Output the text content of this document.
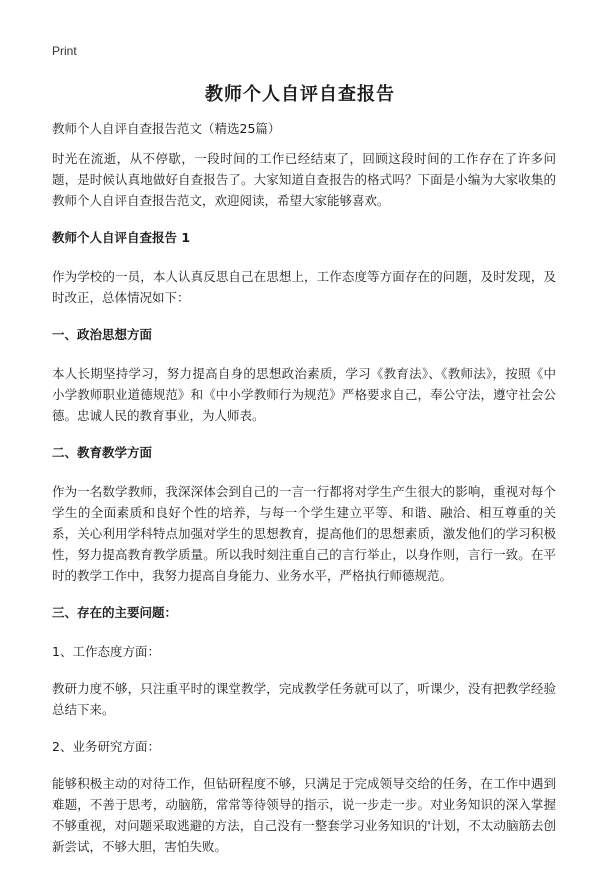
Print
教师个人自评自查报告

教师个人自评自查报告范文（精选25篇）

时光在流逝，从不停歇，一段时间的工作已经结束了，回顾这段时间的工作存在了许多问题，是时候认真地做好自查报告了。大家知道自查报告的格式吗？下面是小编为大家收集的教师个人自评自查报告范文，欢迎阅读，希望大家能够喜欢。

教师个人自评自查报告 1

作为学校的一员，本人认真反思自己在思想上，工作态度等方面存在的问题，及时发现，及时改正，总体情况如下：

一、政治思想方面

本人长期坚持学习，努力提高自身的思想政治素质，学习《教育法》、《教师法》，按照《中小学教师职业道德规范》和《中小学教师行为规范》严格要求自己，奉公守法，遵守社会公德。忠诚人民的教育事业，为人师表。

二、教育教学方面

作为一名数学教师，我深深体会到自己的一言一行都将对学生产生很大的影响，重视对每个学生的全面素质和良好个性的培养，与每一个学生建立平等、和谐、融洽、相互尊重的关系，关心利用学科特点加强对学生的思想教育，提高他们的思想素质，激发他们的学习积极性，努力提高教育教学质量。所以我时刻注重自己的言行举止，以身作则，言行一致。在平时的教学工作中，我努力提高自身能力、业务水平，严格执行师德规范。

三、存在的主要问题：

1、工作态度方面：

教研力度不够，只注重平时的课堂教学，完成教学任务就可以了，听课少，没有把教学经验总结下来。

2、业务研究方面：

能够积极主动的对待工作，但钻研程度不够，只满足于完成领导交给的任务，在工作中遇到难题，不善于思考，动脑筋，常常等待领导的指示，说一步走一步。对业务知识的深入掌握不够重视，对问题采取逃避的方法，自己没有一整套学习业务知识的'计划，不太动脑筋去创新尝试，不够大胆，害怕失败。
